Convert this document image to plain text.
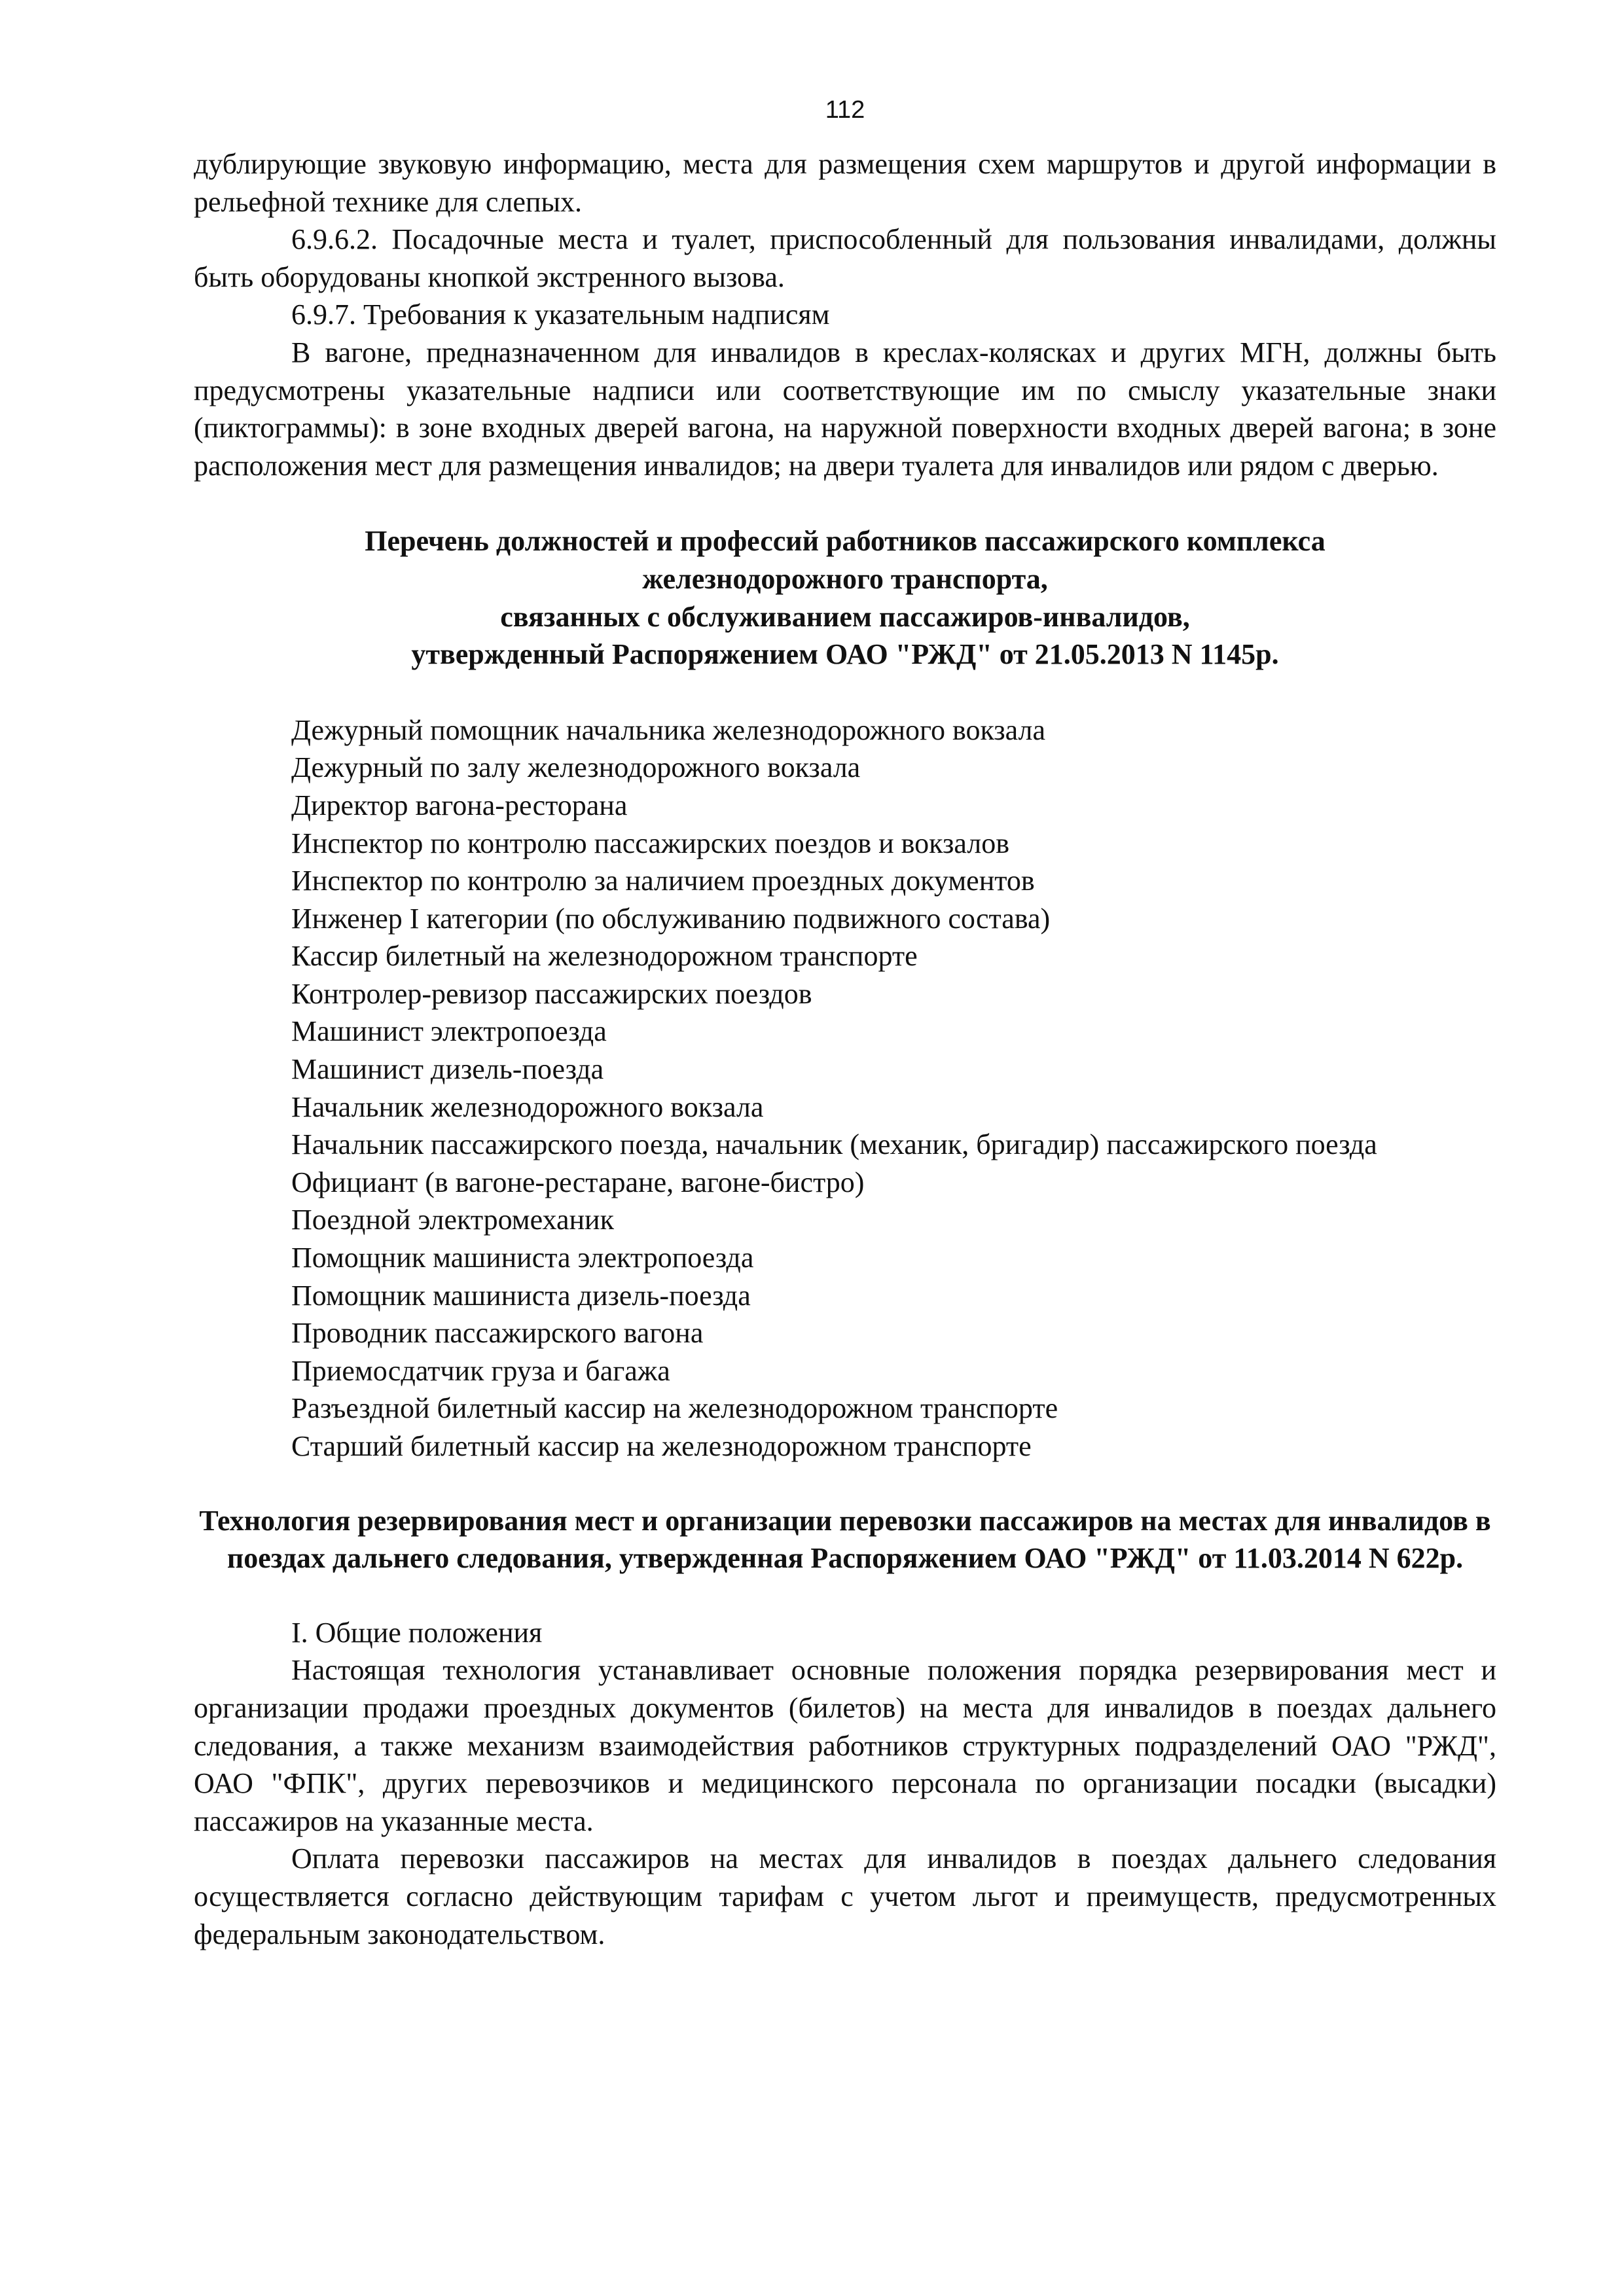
112

дублирующие звуковую информацию, места для размещения схем маршрутов и другой информации в рельефной технике для слепых.

6.9.6.2. Посадочные места и туалет, приспособленный для пользования инвалидами, должны быть оборудованы кнопкой экстренного вызова.

6.9.7. Требования к указательным надписям

В вагоне, предназначенном для инвалидов в креслах-колясках и других МГН, должны быть предусмотрены указательные надписи или соответствующие им по смыслу указательные знаки (пиктограммы): в зоне входных дверей вагона, на наружной поверхности входных дверей вагона; в зоне расположения мест для размещения инвалидов; на двери туалета для инвалидов или рядом с дверью.

Перечень должностей и профессий работников пассажирского комплекса
железнодорожного транспорта,
связанных с обслуживанием пассажиров-инвалидов,
утвержденный Распоряжением ОАО "РЖД" от 21.05.2013 N 1145р.
Дежурный помощник начальника железнодорожного вокзала
Дежурный по залу железнодорожного вокзала
Директор вагона-ресторана
Инспектор по контролю пассажирских поездов и вокзалов
Инспектор по контролю за наличием проездных документов
Инженер I категории (по обслуживанию подвижного состава)
Кассир билетный на железнодорожном транспорте
Контролер-ревизор пассажирских поездов
Машинист электропоезда
Машинист дизель-поезда
Начальник железнодорожного вокзала
Начальник пассажирского поезда, начальник (механик, бригадир) пассажирского поезда
Официант (в вагоне-рестаране, вагоне-бистро)
Поездной электромеханик
Помощник машиниста электропоезда
Помощник машиниста дизель-поезда
Проводник пассажирского вагона
Приемосдатчик груза и багажа
Разъездной билетный кассир на железнодорожном транспорте
Старший билетный кассир на железнодорожном транспорте
Технология резервирования мест и организации перевозки пассажиров на местах для инвалидов в поездах дальнего следования, утвержденная Распоряжением ОАО "РЖД" от 11.03.2014 N 622р.

I. Общие положения

Настоящая технология устанавливает основные положения порядка резервирования мест и организации продажи проездных документов (билетов) на места для инвалидов в поездах дальнего следования, а также механизм взаимодействия работников структурных подразделений ОАО "РЖД", ОАО "ФПК", других перевозчиков и медицинского персонала по организации посадки (высадки) пассажиров на указанные места.

Оплата перевозки пассажиров на местах для инвалидов в поездах дальнего следования осуществляется согласно действующим тарифам с учетом льгот и преимуществ, предусмотренных федеральным законодательством.
